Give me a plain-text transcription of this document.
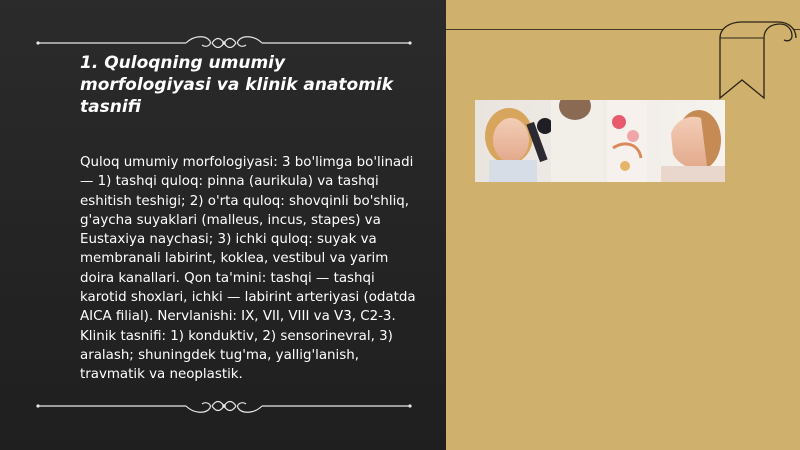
1. Quloqning umumiy morfologiyasi va klinik anatomik tasnifi

Quloq umumiy morfologiyasi: 3 bo'limga bo'linadi — 1) tashqi quloq: pinna (aurikula) va tashqi eshitish teshigi; 2) o'rta quloq: shovqinli bo'shliq, g'aycha suyaklari (malleus, incus, stapes) va Eustaxiya naychasi; 3) ichki quloq: suyak va membranali labirint, koklea, vestibul va yarim doira kanallari. Qon ta'mini: tashqi — tashqi karotid shoxlari, ichki — labirint arteriyasi (odatda AICA filial). Nervlanishi: IX, VII, VIII va V3, C2-3. Klinik tasnifi: 1) konduktiv, 2) sensorinevral, 3) aralash; shuningdek tug'ma, yallig'lanish, travmatik va neoplastik.
